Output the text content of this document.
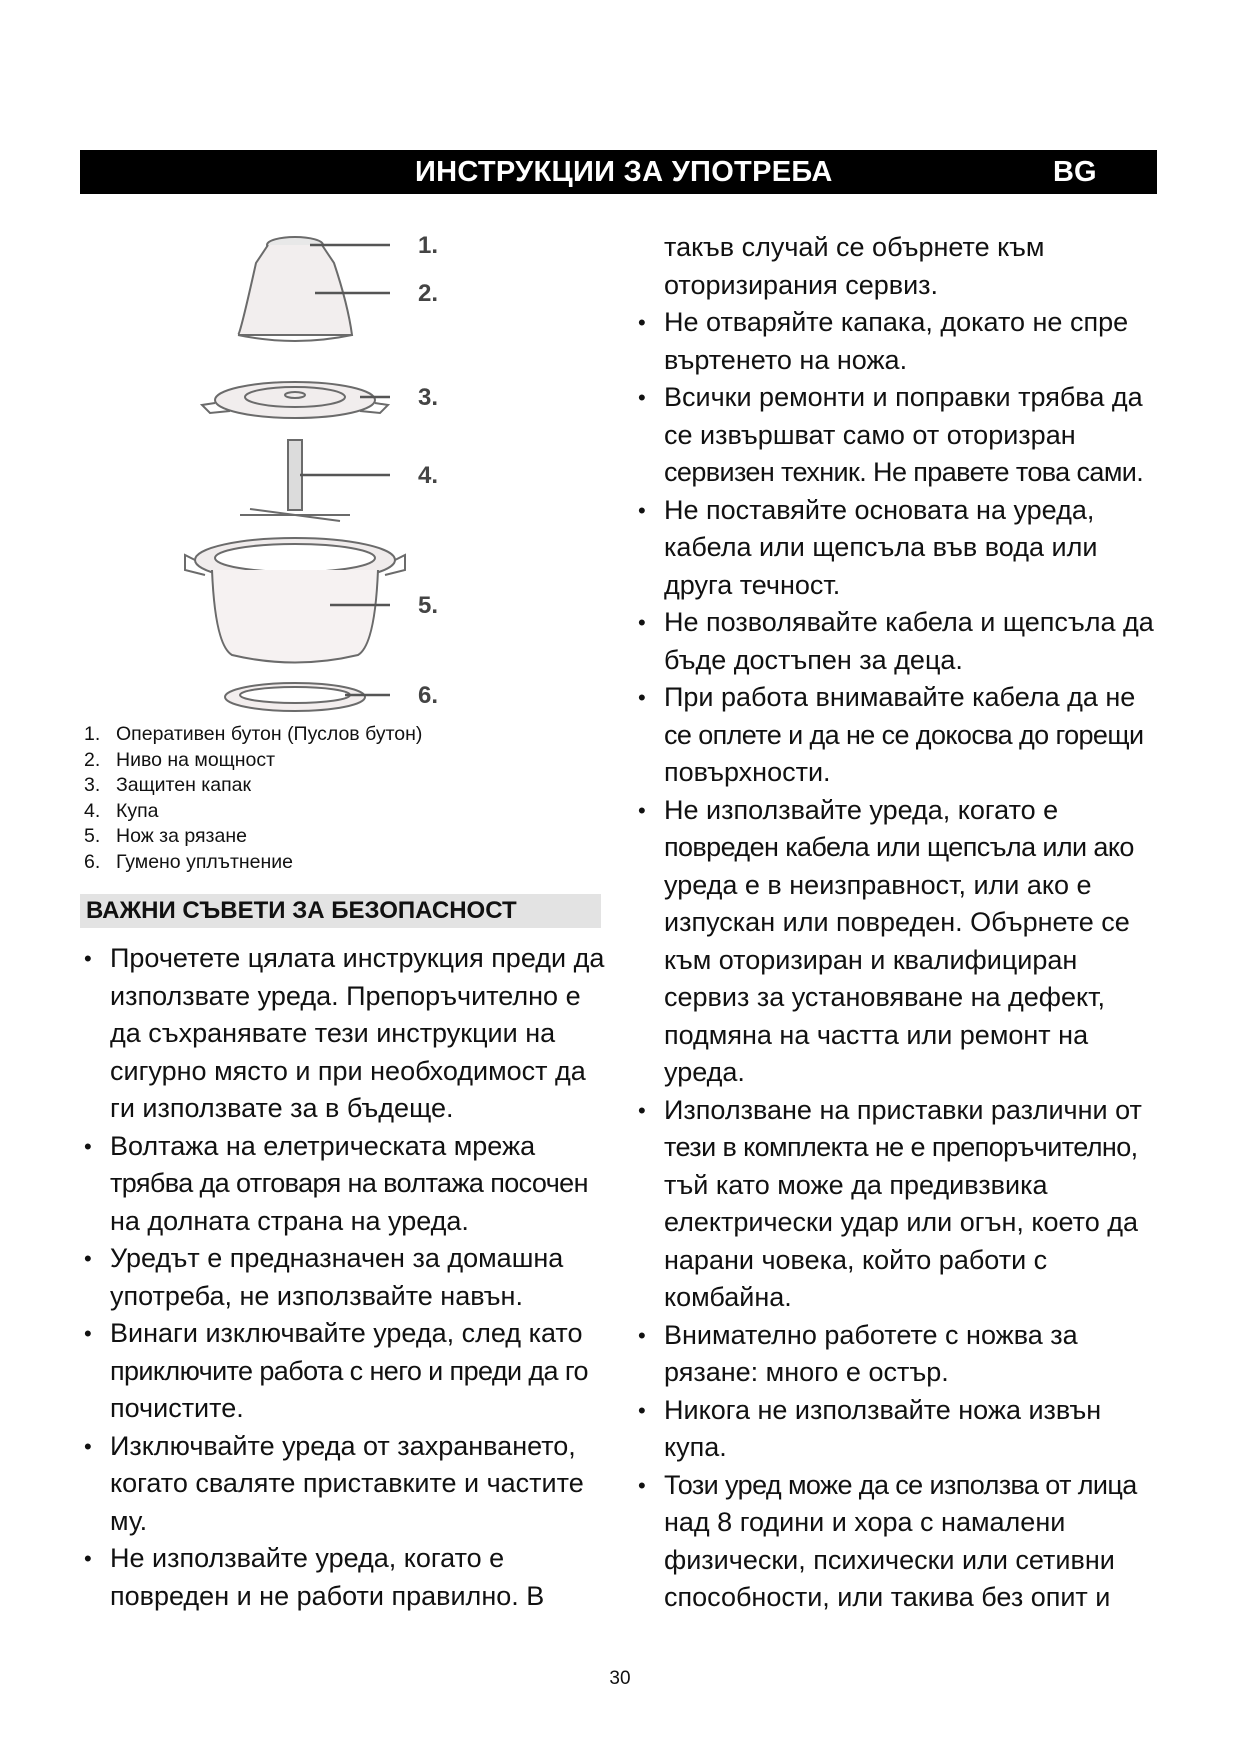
ИНСТРУКЦИИ ЗА УПОТРЕБА	BG
1.
2.
3.
4.
5.
6.
1. Оперативен бутон (Пуслов бутон)
2. Ниво на мощност
3. Защитен капак
4. Купа
5. Нож за рязане
6. Гумено уплътнение
ВАЖНИ СЪВЕТИ ЗА БЕЗОПАСНОСТ
• Прочетете цялата инструкция преди да
използвате уреда. Препоръчително е
да съхранявате тези инструкции на
сигурно място и при необходимост да
ги използвате за в бъдеще.
• Волтажа на елетрическата мрежа
трябва да отговаря на волтажа посочен
на долната страна на уреда.
• Уредът е предназначен за домашна
употреба, не използвайте навън.
• Винаги изключвайте уреда, след като
приключите работа с него и преди да го
почистите.
• Изключвайте уреда от захранването,
когато сваляте приставките и частите
му.
• Не използвайте уреда, когато е
повреден и не работи правилно. В
такъв случай се обърнете към
оторизирания сервиз.
• Не отваряйте капака, докато не спре
въртенето на ножа.
• Всички ремонти и поправки трябва да
се извършват само от оторизран
сервизен техник. Не правете това сами.
• Не поставяйте основата на уреда,
кабела или щепсъла във вода или
друга течност.
• Не позволявайте кабела и щепсъла да
бъде достъпен за деца.
• При работа внимавайте кабела да не
се оплете и да не се докосва до горещи
повърхности.
• Не използвайте уреда, когато е
повреден кабела или щепсъла или ако
уреда е в неизправност, или ако е
изпускан или повреден. Обърнете се
към оторизиран и квалифициран
сервиз за установяване на дефект,
подмяна на частта или ремонт на
уреда.
• Използване на приставки различни от
тези в комплекта не е препоръчително,
тъй като може да предивзвика
електрически удар или огън, което да
нарани човека, който работи с
комбайна.
• Внимателно работете с ножва за
рязане: много е остър.
• Никога не използвайте ножа извън
купа.
• Този уред може да се използва от лица
над 8 години и хора с намалени
физически, психически или сетивни
способности, или такива без опит и
30
